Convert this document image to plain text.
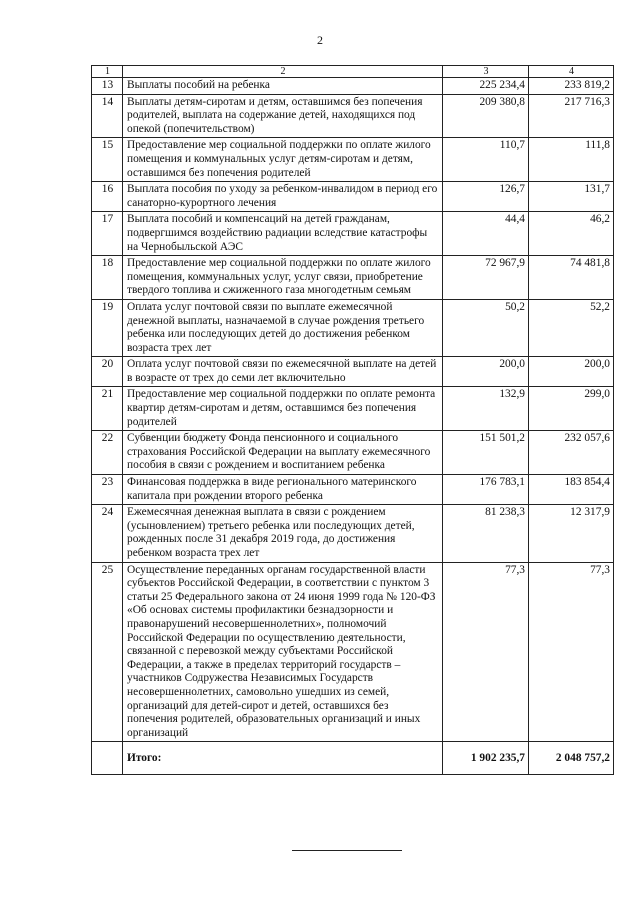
2
1	2	3	4
13	Выплаты пособий на ребенка	225 234,4	233 819,2
14	Выплаты детям-сиротам и детям, оставшимся без попечения родителей, выплата на содержание детей, находящихся под опекой (попечительством)	209 380,8	217 716,3
15	Предоставление мер социальной поддержки по оплате жилого помещения и коммунальных услуг детям-сиротам и детям, оставшимся без попечения родителей	110,7	111,8
16	Выплата пособия по уходу за ребенком-инвалидом в период его санаторно-курортного лечения	126,7	131,7
17	Выплата пособий и компенсаций на детей гражданам, подвергшимся воздействию радиации вследствие катастрофы на Чернобыльской АЭС	44,4	46,2
18	Предоставление мер социальной поддержки по оплате жилого помещения, коммунальных услуг, услуг связи, приобретение твердого топлива и сжиженного газа многодетным семьям	72 967,9	74 481,8
19	Оплата услуг почтовой связи по выплате ежемесячной денежной выплаты, назначаемой в случае рождения третьего ребенка или последующих детей до достижения ребенком возраста трех лет	50,2	52,2
20	Оплата услуг почтовой связи по ежемесячной выплате на детей в возрасте от трех до семи лет включительно	200,0	200,0
21	Предоставление мер социальной поддержки по оплате ремонта квартир детям-сиротам и детям, оставшимся без попечения родителей	132,9	299,0
22	Субвенции бюджету Фонда пенсионного и социального страхования Российской Федерации на выплату ежемесячного пособия в связи с рождением и воспитанием ребенка	151 501,2	232 057,6
23	Финансовая поддержка в виде регионального материнского капитала при рождении второго ребенка	176 783,1	183 854,4
24	Ежемесячная денежная выплата в связи с рождением (усыновлением) третьего ребенка или последующих детей, рожденных после 31 декабря 2019 года, до достижения ребенком возраста трех лет	81 238,3	12 317,9
25	Осуществление переданных органам государственной власти субъектов Российской Федерации, в соответствии с пунктом 3 статьи 25 Федерального закона от 24 июня 1999 года № 120-ФЗ «Об основах системы профилактики безнадзорности и правонарушений несовершеннолетних», полномочий Российской Федерации по осуществлению деятельности, связанной с перевозкой между субъектами Российской Федерации, а также в пределах территорий государств – участников Содружества Независимых Государств несовершеннолетних, самовольно ушедших из семей, организаций для детей-сирот и детей, оставшихся без попечения родителей, образовательных организаций и иных организаций	77,3	77,3
	Итого:	1 902 235,7	2 048 757,2
